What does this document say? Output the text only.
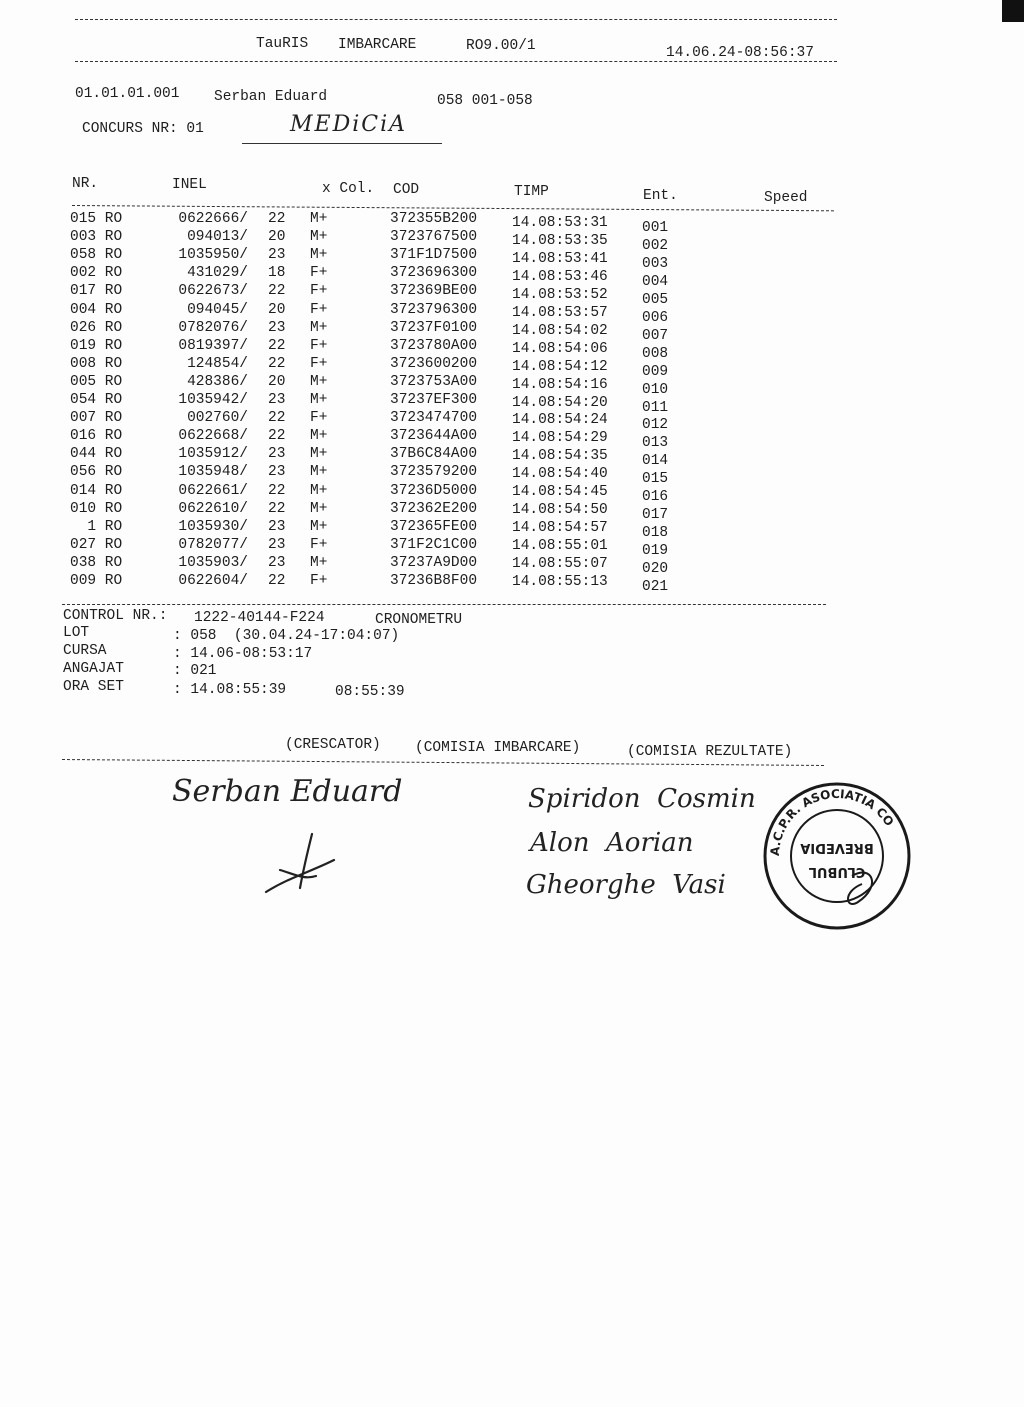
TauRIS IMBARCARE	RO9.00/1	14.06.24-08:56:37
01.01.01.001 Serban Eduard	058 001-058
CONCURS NR: 01	MEDiCiA
NR.	INEL	x Col. COD	TIMP	Ent.	Speed
015 RO	0622666/ 22 M+	372355B200 14.08:53:31 001
003 RO	094013/ 20 M+	3723767500 14.08:53:35 002
058 RO	1035950/ 23 M+	371F1D7500 14.08:53:41 003
002 RO	431029/ 18 F+	3723696300 14.08:53:46 004
017 RO	0622673/ 22 F+	372369BE00 14.08:53:52 005
004 RO	094045/ 20 F+	3723796300 14.08:53:57 006
026 RO	0782076/ 23 M+	37237F0100 14.08:54:02 007
019 RO	0819397/ 22 F+	3723780A00 14.08:54:06 008
008 RO	124854/ 22 F+	3723600200 14.08:54:12 009
005 RO	428386/ 20 M+	3723753A00 14.08:54:16 010
054 RO	1035942/ 23 M+	37237EF300 14.08:54:20 011
007 RO	002760/ 22 F+	3723474700 14.08:54:24 012
016 RO	0622668/ 22 M+	3723644A00 14.08:54:29 013
044 RO	1035912/ 23 M+	37B6C84A00 14.08:54:35 014
056 RO	1035948/ 23 M+	3723579200 14.08:54:40 015
014 RO	0622661/ 22 M+	37236D5000 14.08:54:45 016
010 RO	0622610/ 22 M+	372362E200 14.08:54:50 017
1 RO	1035930/ 23 M+	372365FE00 14.08:54:57 018
027 RO	0782077/ 23 F+	371F2C1C00 14.08:55:01 019
038 RO	1035903/ 23 M+	37237A9D00 14.08:55:07 020
009 RO	0622604/ 22 F+	37236B8F00 14.08:55:13 021
CONTROL NR.: 1222-40144-F224	CRONOMETRU
LOT	: 058  (30.04.24-17:04:07)
CURSA	: 14.06-08:53:17
ANGAJAT	: 021
ORA SET	: 14.08:55:39	08:55:39
(CRESCATOR) (COMISIA IMBARCARE)	(COMISIA REZULTATE)
Serban Eduard	Spiridon  Cosmin
Alon  Aorian
Gheorghe  Vasi
A.C.P.R. ASOCIATIA CO
BREVEDIA
CLUBUL
